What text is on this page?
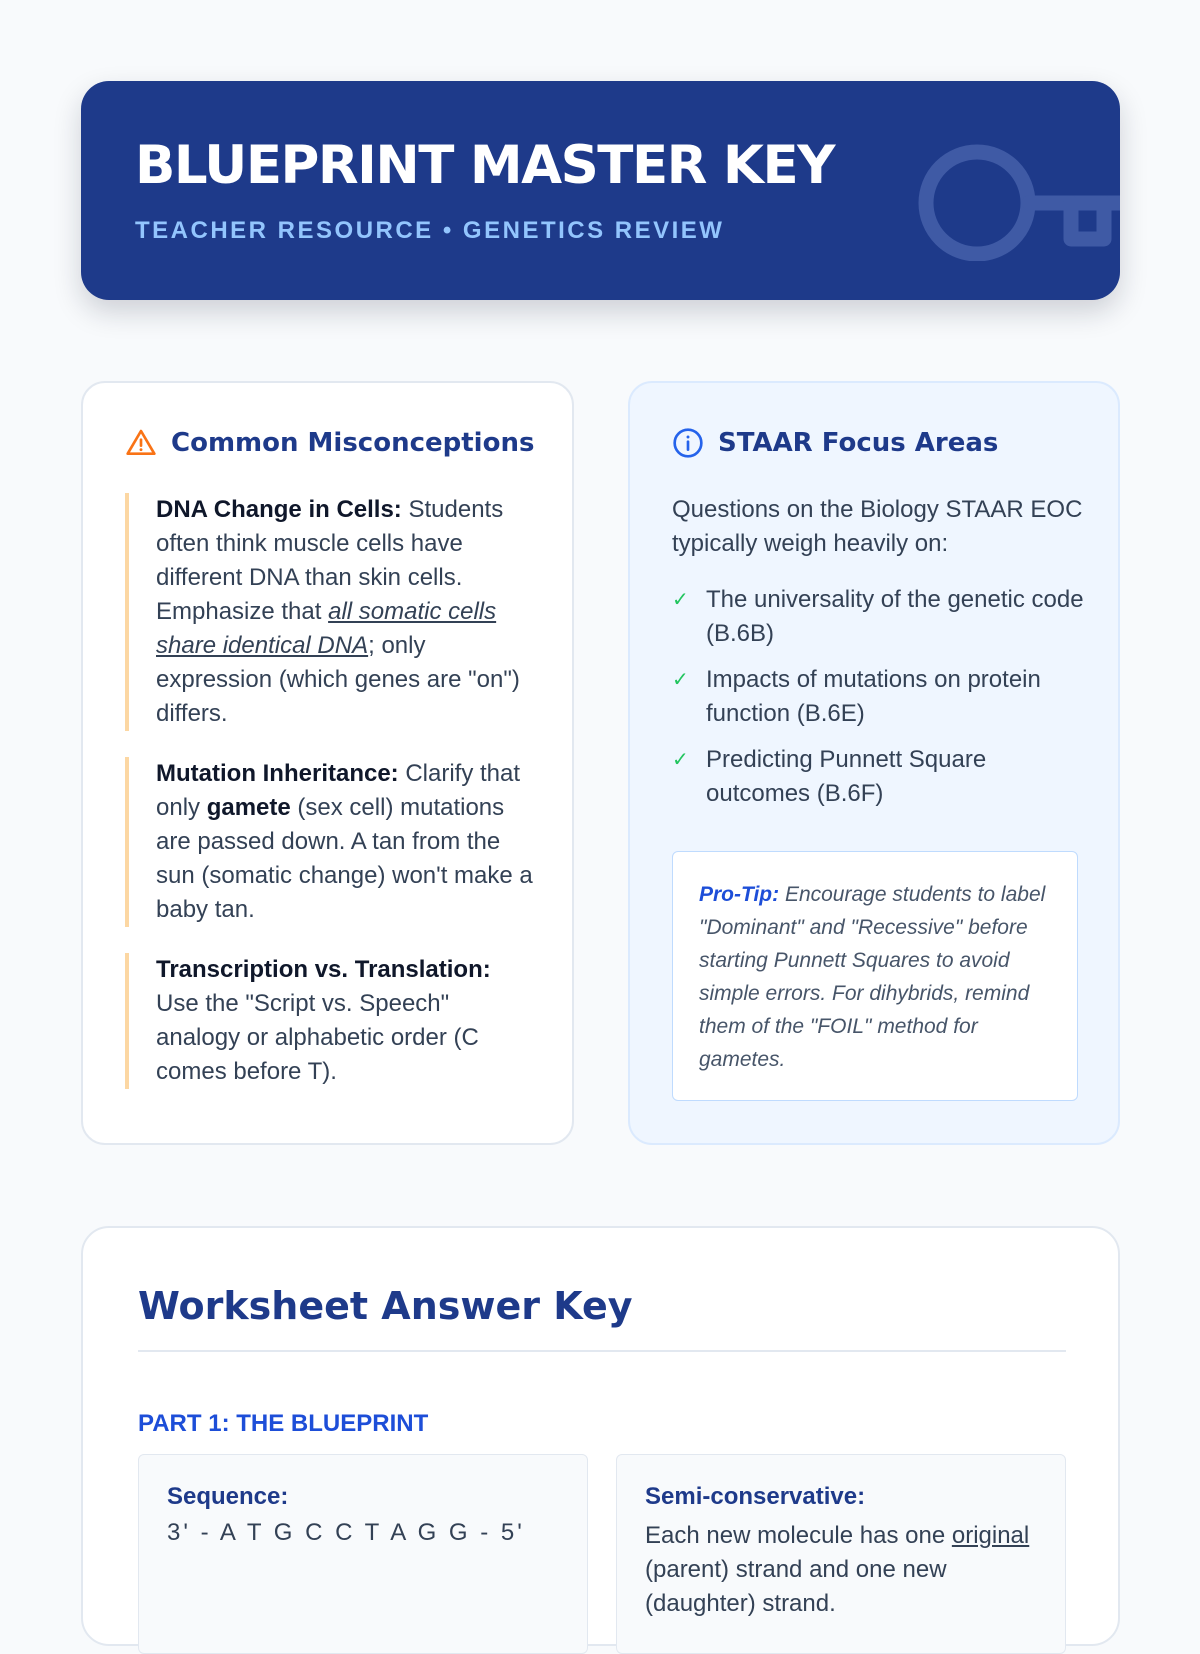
BLUEPRINT MASTER KEY
TEACHER RESOURCE • GENETICS REVIEW
Common Misconceptions
DNA Change in Cells: Students often think muscle cells have different DNA than skin cells. Emphasize that all somatic cells share identical DNA; only expression (which genes are "on") differs.
Mutation Inheritance: Clarify that only gamete (sex cell) mutations are passed down. A tan from the sun (somatic change) won't make a baby tan.
Transcription vs. Translation: Use the "Script vs. Speech" analogy or alphabetic order (C comes before T).
STAAR Focus Areas
Questions on the Biology STAAR EOC typically weigh heavily on:
✓ The universality of the genetic code (B.6B)
✓ Impacts of mutations on protein function (B.6E)
✓ Predicting Punnett Square outcomes (B.6F)
Pro-Tip: Encourage students to label "Dominant" and "Recessive" before starting Punnett Squares to avoid simple errors. For dihybrids, remind them of the "FOIL" method for gametes.
Worksheet Answer Key
PART 1: THE BLUEPRINT
Sequence:
3' - A T G C C T A G G - 5'
Semi-conservative:
Each new molecule has one original (parent) strand and one new (daughter) strand.
